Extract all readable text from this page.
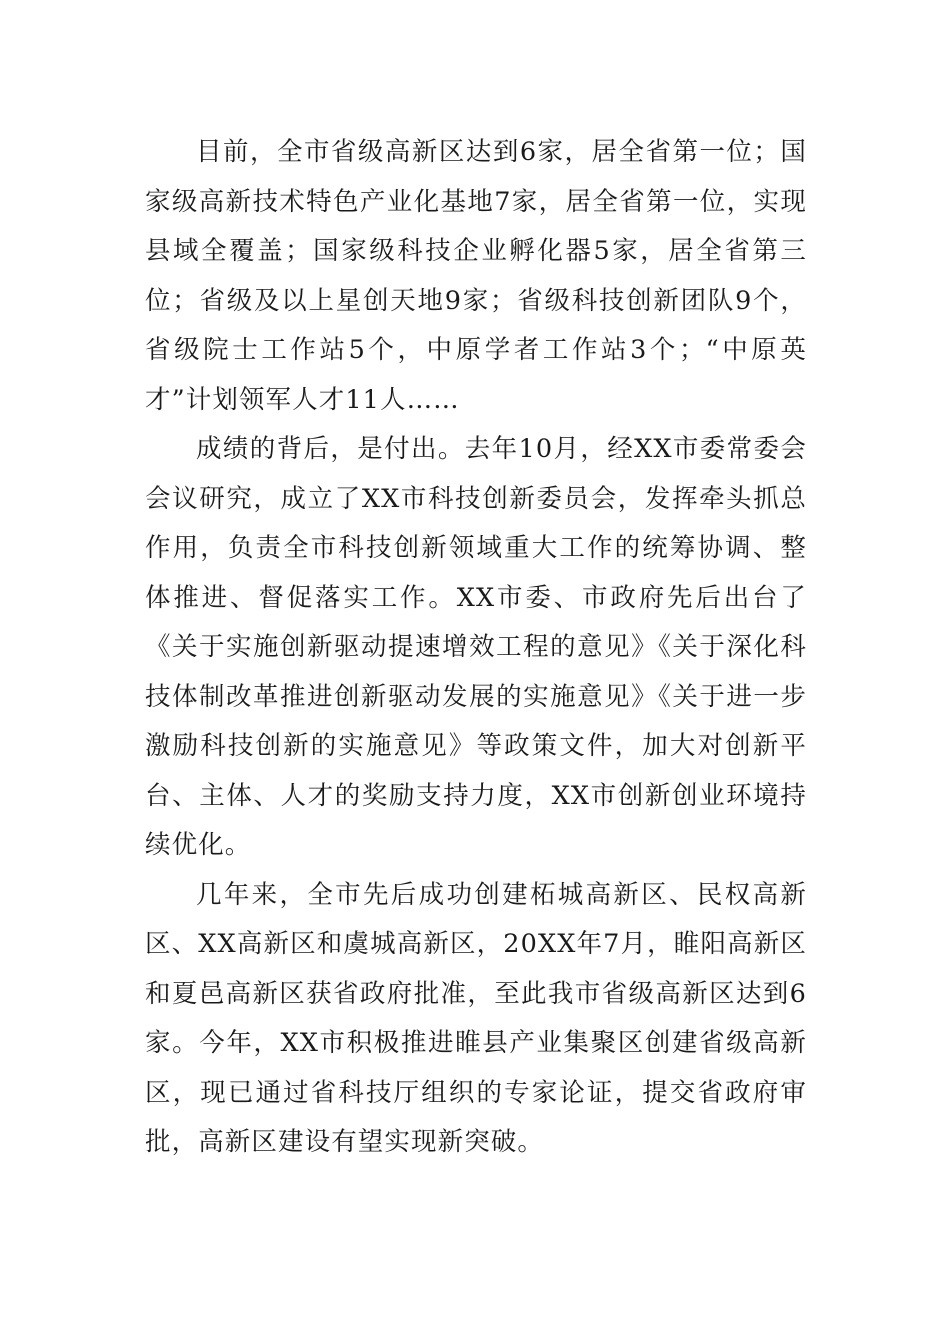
目前，全市省级高新区达到6家，居全省第一位；国家级高新技术特色产业化基地7家，居全省第一位，实现县域全覆盖；国家级科技企业孵化器5家，居全省第三位；省级及以上星创天地9家；省级科技创新团队9个，省级院士工作站5个，中原学者工作站3个；“中原英才”计划领军人才11人……

成绩的背后，是付出。去年10月，经XX市委常委会会议研究，成立了XX市科技创新委员会，发挥牵头抓总作用，负责全市科技创新领域重大工作的统筹协调、整体推进、督促落实工作。XX市委、市政府先后出台了《关于实施创新驱动提速增效工程的意见》《关于深化科技体制改革推进创新驱动发展的实施意见》《关于进一步激励科技创新的实施意见》等政策文件，加大对创新平台、主体、人才的奖励支持力度，XX市创新创业环境持续优化。

几年来，全市先后成功创建柘城高新区、民权高新区、XX高新区和虞城高新区，20XX年7月，睢阳高新区和夏邑高新区获省政府批准，至此我市省级高新区达到6家。今年，XX市积极推进睢县产业集聚区创建省级高新区，现已通过省科技厅组织的专家论证，提交省政府审批，高新区建设有望实现新突破。
